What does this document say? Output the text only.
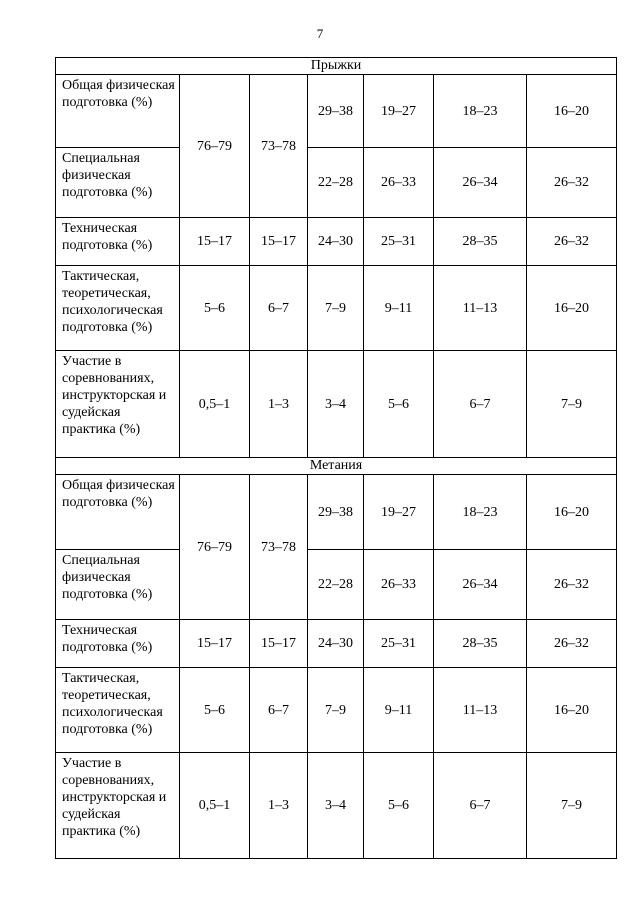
7
Прыжки						
Общая физическая подготовка (%)	76–79	73–78	29–38	19–27	18–23	16–20
Специальная физическая подготовка (%)			22–28	26–33	26–34	26–32
Техническая подготовка (%)	15–17	15–17	24–30	25–31	28–35	26–32
Тактическая, теоретическая, психологическая подготовка (%)	5–6	6–7	7–9	9–11	11–13	16–20
Участие в соревнованиях, инструкторская и судейская практика (%)	0,5–1	1–3	3–4	5–6	6–7	7–9
Метания						
Общая физическая подготовка (%)	76–79	73–78	29–38	19–27	18–23	16–20
Специальная физическая подготовка (%)			22–28	26–33	26–34	26–32
Техническая подготовка (%)	15–17	15–17	24–30	25–31	28–35	26–32
Тактическая, теоретическая, психологическая подготовка (%)	5–6	6–7	7–9	9–11	11–13	16–20
Участие в соревнованиях, инструкторская и судейская практика (%)	0,5–1	1–3	3–4	5–6	6–7	7–9
